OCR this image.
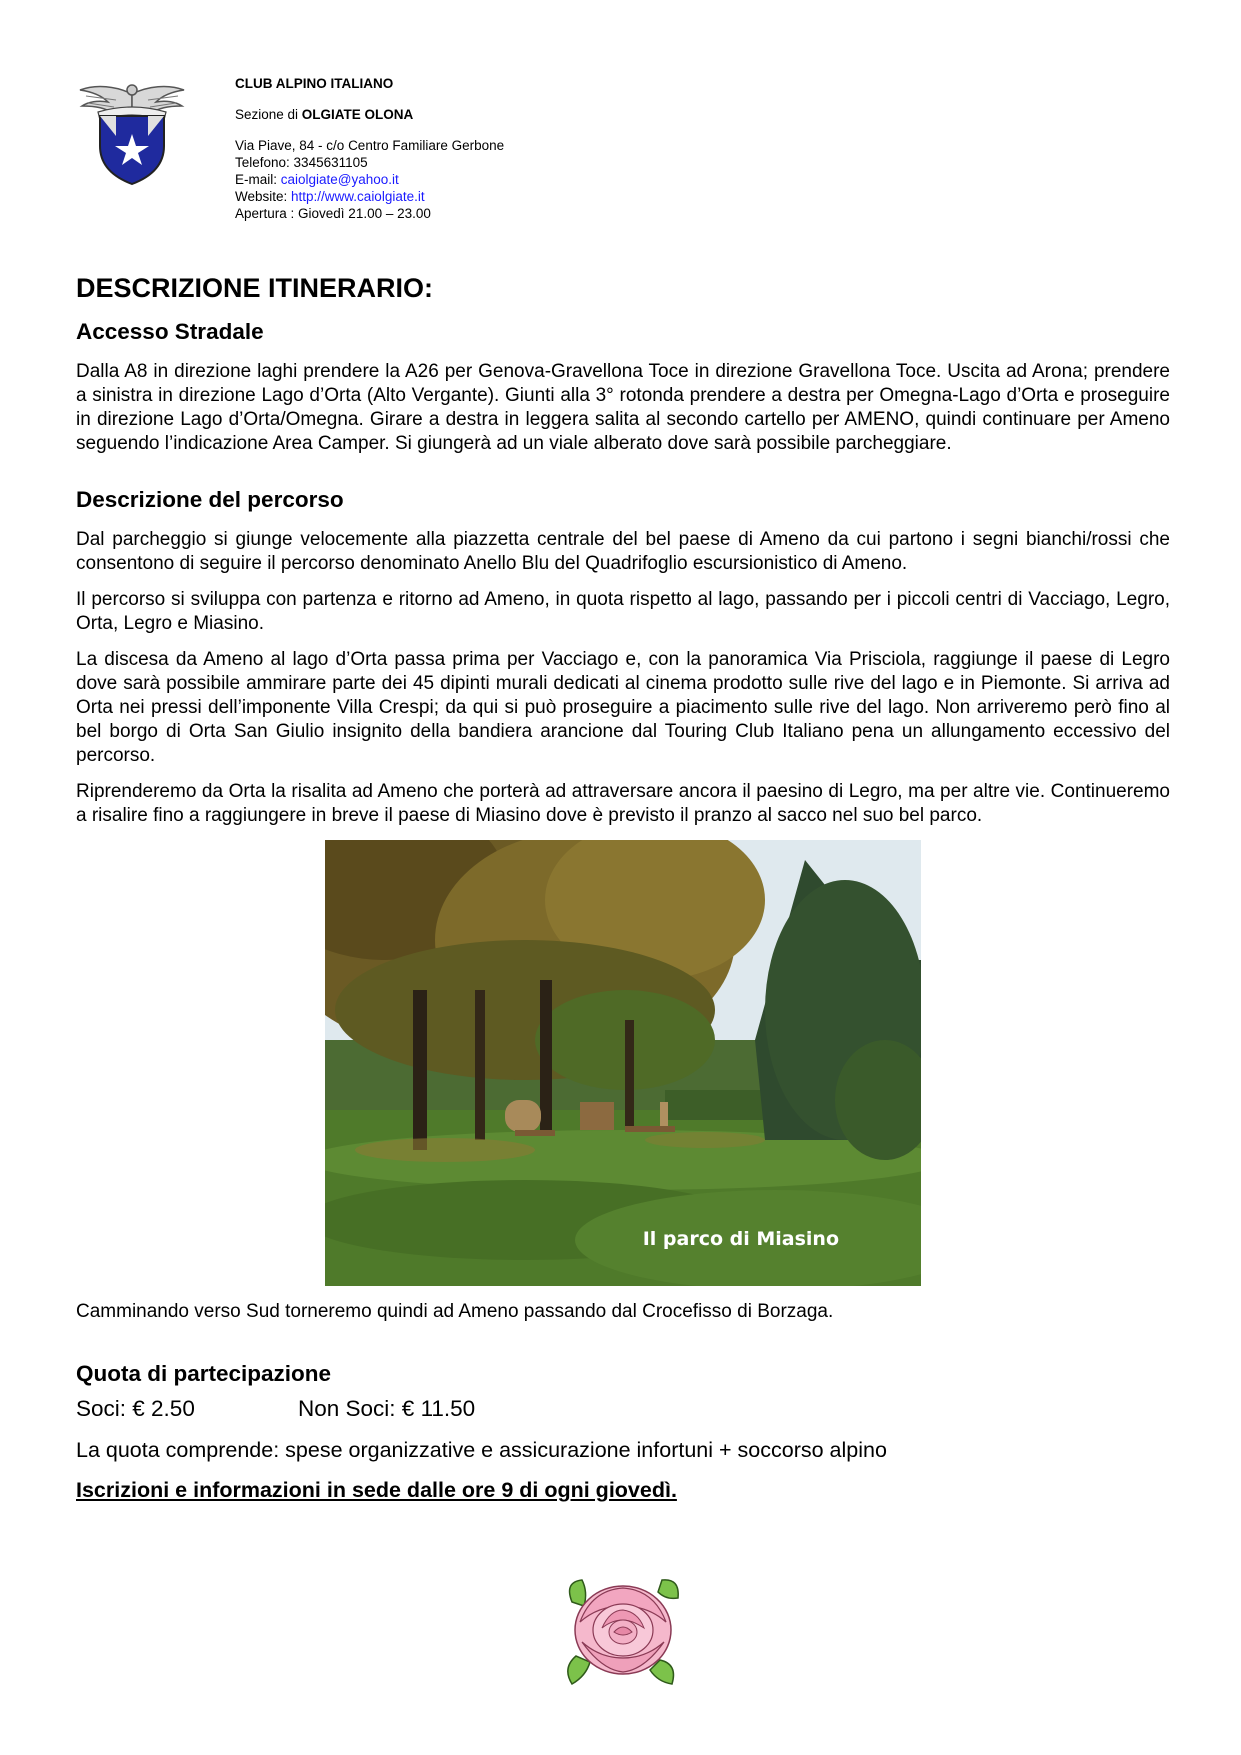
CLUB ALPINO ITALIANO

Sezione di OLGIATE OLONA

Via Piave, 84 - c/o Centro Familiare Gerbone

Telefono: 3345631105

E-mail: caiolgiate@yahoo.it

Website: http://www.caiolgiate.it

Apertura : Giovedì 21.00 – 23.00

DESCRIZIONE ITINERARIO:
Accesso Stradale

Dalla A8 in direzione laghi prendere la A26 per Genova-Gravellona Toce in direzione Gravellona Toce. Uscita ad Arona; prendere a sinistra in direzione Lago d’Orta (Alto Vergante). Giunti alla 3° rotonda prendere a destra per Omegna-Lago d’Orta e proseguire in direzione Lago d’Orta/Omegna. Girare a destra in leggera salita al secondo cartello per AMENO, quindi continuare per Ameno seguendo l’indicazione Area Camper. Si giungerà ad un viale alberato dove sarà possibile parcheggiare.

Descrizione del percorso

Dal parcheggio si giunge velocemente alla piazzetta centrale del bel paese di Ameno da cui partono i segni bianchi/rossi che consentono di seguire il percorso denominato Anello Blu del Quadrifoglio escursionistico di Ameno.

Il percorso si sviluppa con partenza e ritorno ad Ameno, in quota rispetto al lago, passando per i piccoli centri di Vacciago, Legro, Orta, Legro e Miasino.

La discesa da Ameno al lago d’Orta passa prima per Vacciago e, con la panoramica Via Prisciola, raggiunge il paese di Legro dove sarà possibile ammirare parte dei 45 dipinti murali dedicati al cinema prodotto sulle rive del lago e in Piemonte. Si arriva ad Orta nei pressi dell’imponente Villa Crespi; da qui si può proseguire a piacimento sulle rive del lago. Non arriveremo però fino al bel borgo di Orta San Giulio insignito della bandiera arancione dal Touring Club Italiano pena un allungamento eccessivo del percorso.

Riprenderemo da Orta la risalita ad Ameno che porterà ad attraversare ancora il paesino di Legro, ma per altre vie. Continueremo a risalire fino a raggiungere in breve il paese di Miasino dove è previsto il pranzo al sacco nel suo bel parco.

Il parco di Miasino

Camminando verso Sud torneremo quindi ad Ameno passando dal Crocefisso di Borzaga.

Quota di partecipazione
Soci: € 2.50	Non Soci: € 11.50

La quota comprende: spese organizzative e assicurazione infortuni + soccorso alpino

Iscrizioni e informazioni in sede dalle ore 9 di ogni giovedì.
